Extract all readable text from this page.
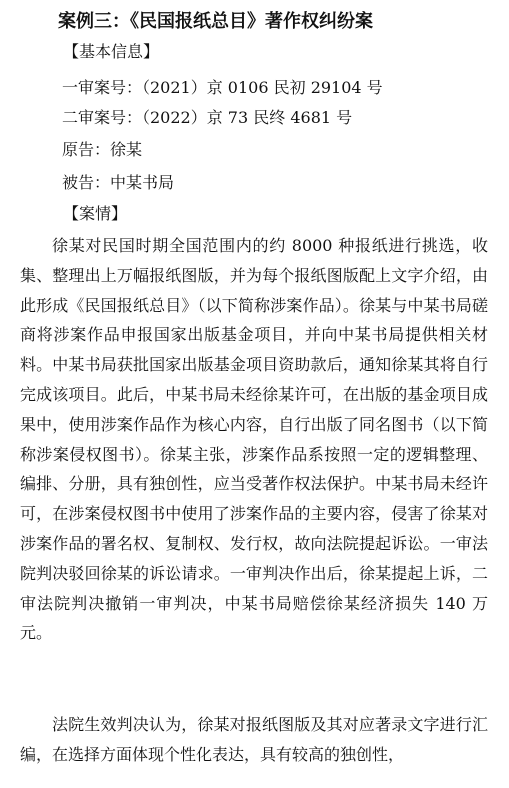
案例三：《民国报纸总目》著作权纠纷案
【基本信息】
一审案号：（2021）京 0106 民初 29104 号
二审案号：（2022）京 73 民终 4681 号
原告：徐某
被告：中某书局
【案情】

徐某对民国时期全国范围内的约 8000 种报纸进行挑选，收集、整理出上万幅报纸图版，并为每个报纸图版配上文字介绍，由此形成《民国报纸总目》（以下简称涉案作品）。徐某与中某书局磋商将涉案作品申报国家出版基金项目，并向中某书局提供相关材料。中某书局获批国家出版基金项目资助款后，通知徐某其将自行完成该项目。此后，中某书局未经徐某许可，在出版的基金项目成果中，使用涉案作品作为核心内容，自行出版了同名图书（以下简称涉案侵权图书）。徐某主张，涉案作品系按照一定的逻辑整理、编排、分册，具有独创性，应当受著作权法保护。中某书局未经许可，在涉案侵权图书中使用了涉案作品的主要内容，侵害了徐某对涉案作品的署名权、复制权、发行权，故向法院提起诉讼。一审法院判决驳回徐某的诉讼请求。一审判决作出后，徐某提起上诉，二审法院判决撤销一审判决，中某书局赔偿徐某经济损失 140 万元。

法院生效判决认为，徐某对报纸图版及其对应著录文字进行汇编，在选择方面体现个性化表达，具有较高的独创性，
